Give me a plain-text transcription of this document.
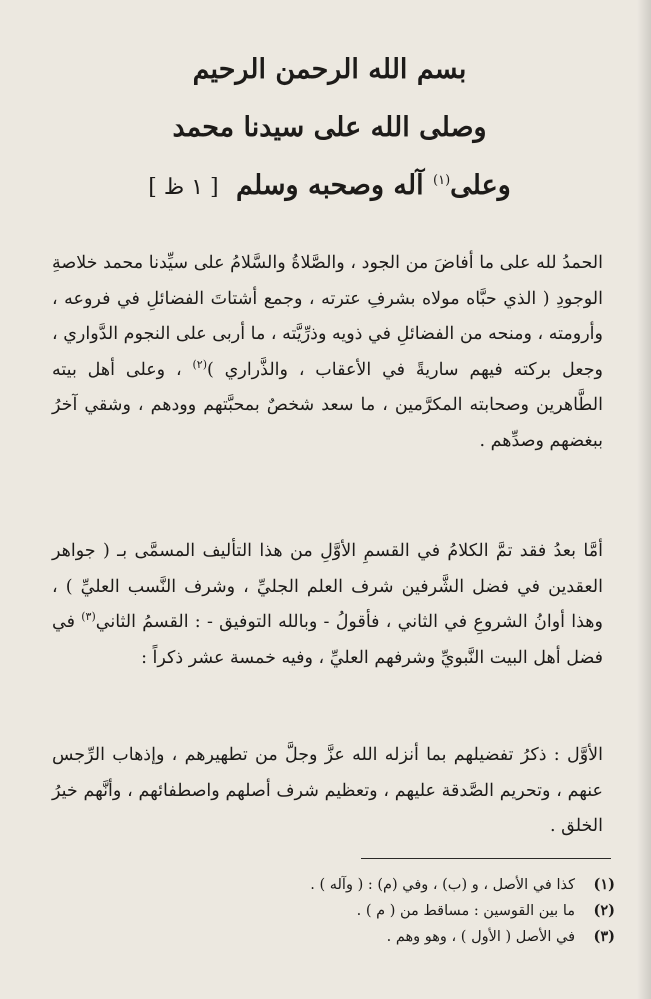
بسم الله الرحمن الرحيم
وصلى الله على سيدنا محمد
وعلى$^{(١)}$ آله وصحبه وسلم [ ١ ظ ]
الحمدُ لله على ما أفاضَ من الجود ، والصَّلاةُ والسَّلامُ على سيِّدنا محمد خلاصةِ الوجودِ ( الذي حبَّاه مولاه بشرفِ عترته ، وجمع أشتاتَ الفضائلِ في فروعه ، وأرومته ، ومنحه من الفضائلِ في ذويه وذرِّيَّته ، ما أربى على النجوم الدَّواري ، وجعل بركته فيهم ساريةً في الأعقاب ، والذَّراري )$^{(٢)}$ ، وعلى أهل بيته الطَّاهرين وصحابته المكرَّمين ، ما سعد شخصٌ بمحبَّتهم وودهم ، وشقي آخرُ ببغضهم وصدِّهم .
أمَّا بعدُ فقد تمَّ الكلامُ في القسمِ الأوَّلِ من هذا التأليف المسمَّى بـ ( جواهر العقدين في فضل الشَّرفين شرف العلم الجليِّ ، وشرف النَّسب العليِّ ) ، وهذا أوانُ الشروعِ في الثاني ، فأقولُ - وبالله التوفيق - : القسمُ الثاني$^{(٣)}$ في فضل أهل البيت النَّبويِّ وشرفهم العليِّ ، وفيه خمسة عشر ذكراً :
الأوَّل : ذكرُ تفضيلهم بما أنزله الله عزَّ وجلَّ من تطهيرهم ، وإذهاب الرِّجس عنهم ، وتحريم الصَّدقة عليهم ، وتعظيم شرف أصلهم واصطفائهم ، وأنَّهم خيرُ الخلق .
(١)
كذا في الأصل ، و (ب) ، وفي (م) : ( وآله ) .
(٢)
ما بين القوسين : مساقط من ( م ) .
(٣)
في الأصل ( الأول ) ، وهو وهم .
